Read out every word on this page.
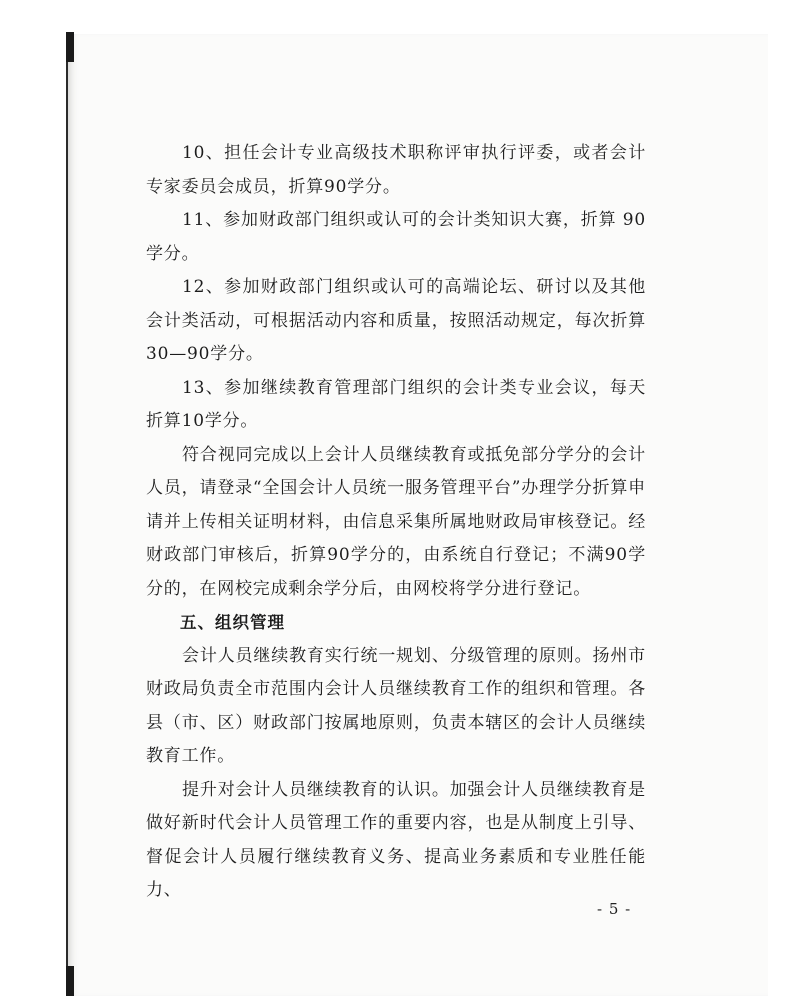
10、担任会计专业高级技术职称评审执行评委，或者会计专家委员会成员，折算90学分。

11、参加财政部门组织或认可的会计类知识大赛，折算 90学分。

12、参加财政部门组织或认可的高端论坛、研讨以及其他会计类活动，可根据活动内容和质量，按照活动规定，每次折算30—90学分。

13、参加继续教育管理部门组织的会计类专业会议，每天折算10学分。

符合视同完成以上会计人员继续教育或抵免部分学分的会计人员，请登录“全国会计人员统一服务管理平台”办理学分折算申请并上传相关证明材料，由信息采集所属地财政局审核登记。经财政部门审核后，折算90学分的，由系统自行登记；不满90学分的，在网校完成剩余学分后，由网校将学分进行登记。

五、组织管理

会计人员继续教育实行统一规划、分级管理的原则。扬州市财政局负责全市范围内会计人员继续教育工作的组织和管理。各县（市、区）财政部门按属地原则，负责本辖区的会计人员继续教育工作。

提升对会计人员继续教育的认识。加强会计人员继续教育是做好新时代会计人员管理工作的重要内容，也是从制度上引导、督促会计人员履行继续教育义务、提高业务素质和专业胜任能力、

- 5 -
